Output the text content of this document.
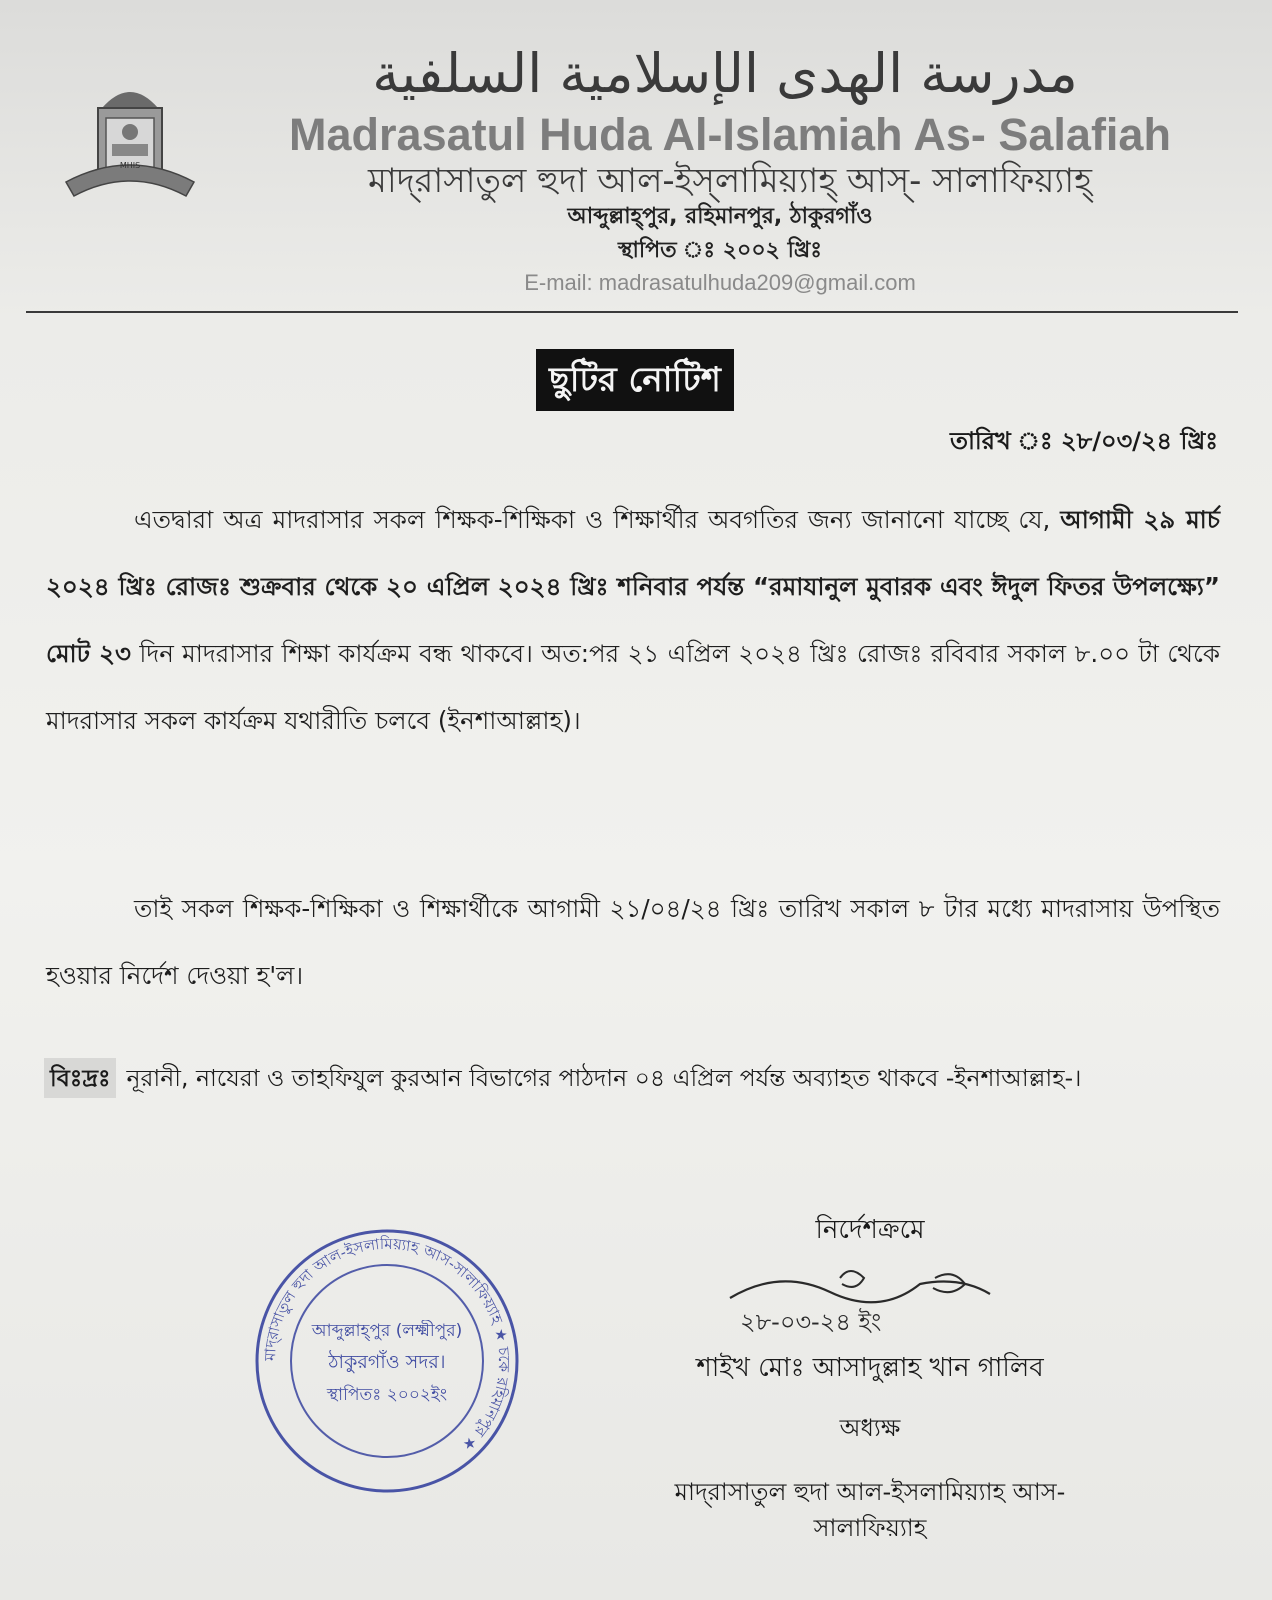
MHIS
مدرسة الهدى الإسلامية السلفية
Madrasatul Huda Al-Islamiah As- Salafiah
মাদ্‌রাসাতুল হুদা আল-ইস্‌লামিয়্যাহ্‌ আস্‌- সালাফিয়্যাহ্‌
আব্দুল্লাহ্‌পুর, রহিমানপুর, ঠাকুরগাঁও
স্থাপিত ঃ ২০০২ খ্রিঃ
E-mail: madrasatulhuda209@gmail.com
ছুটির নোটিশ
তারিখ ঃ ২৮/০৩/২৪ খ্রিঃ
এতদ্বারা অত্র মাদরাসার সকল শিক্ষক-শিক্ষিকা ও শিক্ষার্থীর অবগতির জন্য জানানো যাচ্ছে যে, আগামী ২৯ মার্চ ২০২৪ খ্রিঃ রোজঃ শুক্রবার থেকে ২০ এপ্রিল ২০২৪ খ্রিঃ শনিবার পর্যন্ত “রমাযানুল মুবারক এবং ঈদুল ফিতর উপলক্ষ্যে” মোট ২৩ দিন মাদরাসার শিক্ষা কার্যক্রম বন্ধ থাকবে। অত:পর ২১ এপ্রিল ২০২৪ খ্রিঃ রোজঃ রবিবার সকাল ৮.০০ টা থেকে মাদরাসার সকল কার্যক্রম যথারীতি চলবে (ইনশাআল্লাহ)।
তাই সকল শিক্ষক-শিক্ষিকা ও শিক্ষার্থীকে আগামী ২১/০৪/২৪ খ্রিঃ তারিখ সকাল ৮ টার মধ্যে মাদরাসায় উপস্থিত হওয়ার নির্দেশ দেওয়া হ'ল।
বিঃদ্রঃ নূরানী, নাযেরা ও তাহফিযুল কুরআন বিভাগের পাঠদান ০৪ এপ্রিল পর্যন্ত অব্যাহত থাকবে -ইনশাআল্লাহ-।
মাদ্‌রাসাতুল হুদা আল-ইসলামিয়্যাহ আস-সালাফিয়্যাহ ★ চকে রহিমানপুর ★
আব্দুল্লাহ্‌পুর (লক্ষ্মীপুর)
ঠাকুরগাঁও সদর।
স্থাপিতঃ ২০০২ইং
নির্দেশক্রমে
২৮-০৩-২৪ ইং
শাইখ মোঃ আসাদুল্লাহ খান গালিব
অধ্যক্ষ
মাদ্‌রাসাতুল হুদা আল-ইসলামিয়্যাহ আস-সালাফিয়্যাহ
